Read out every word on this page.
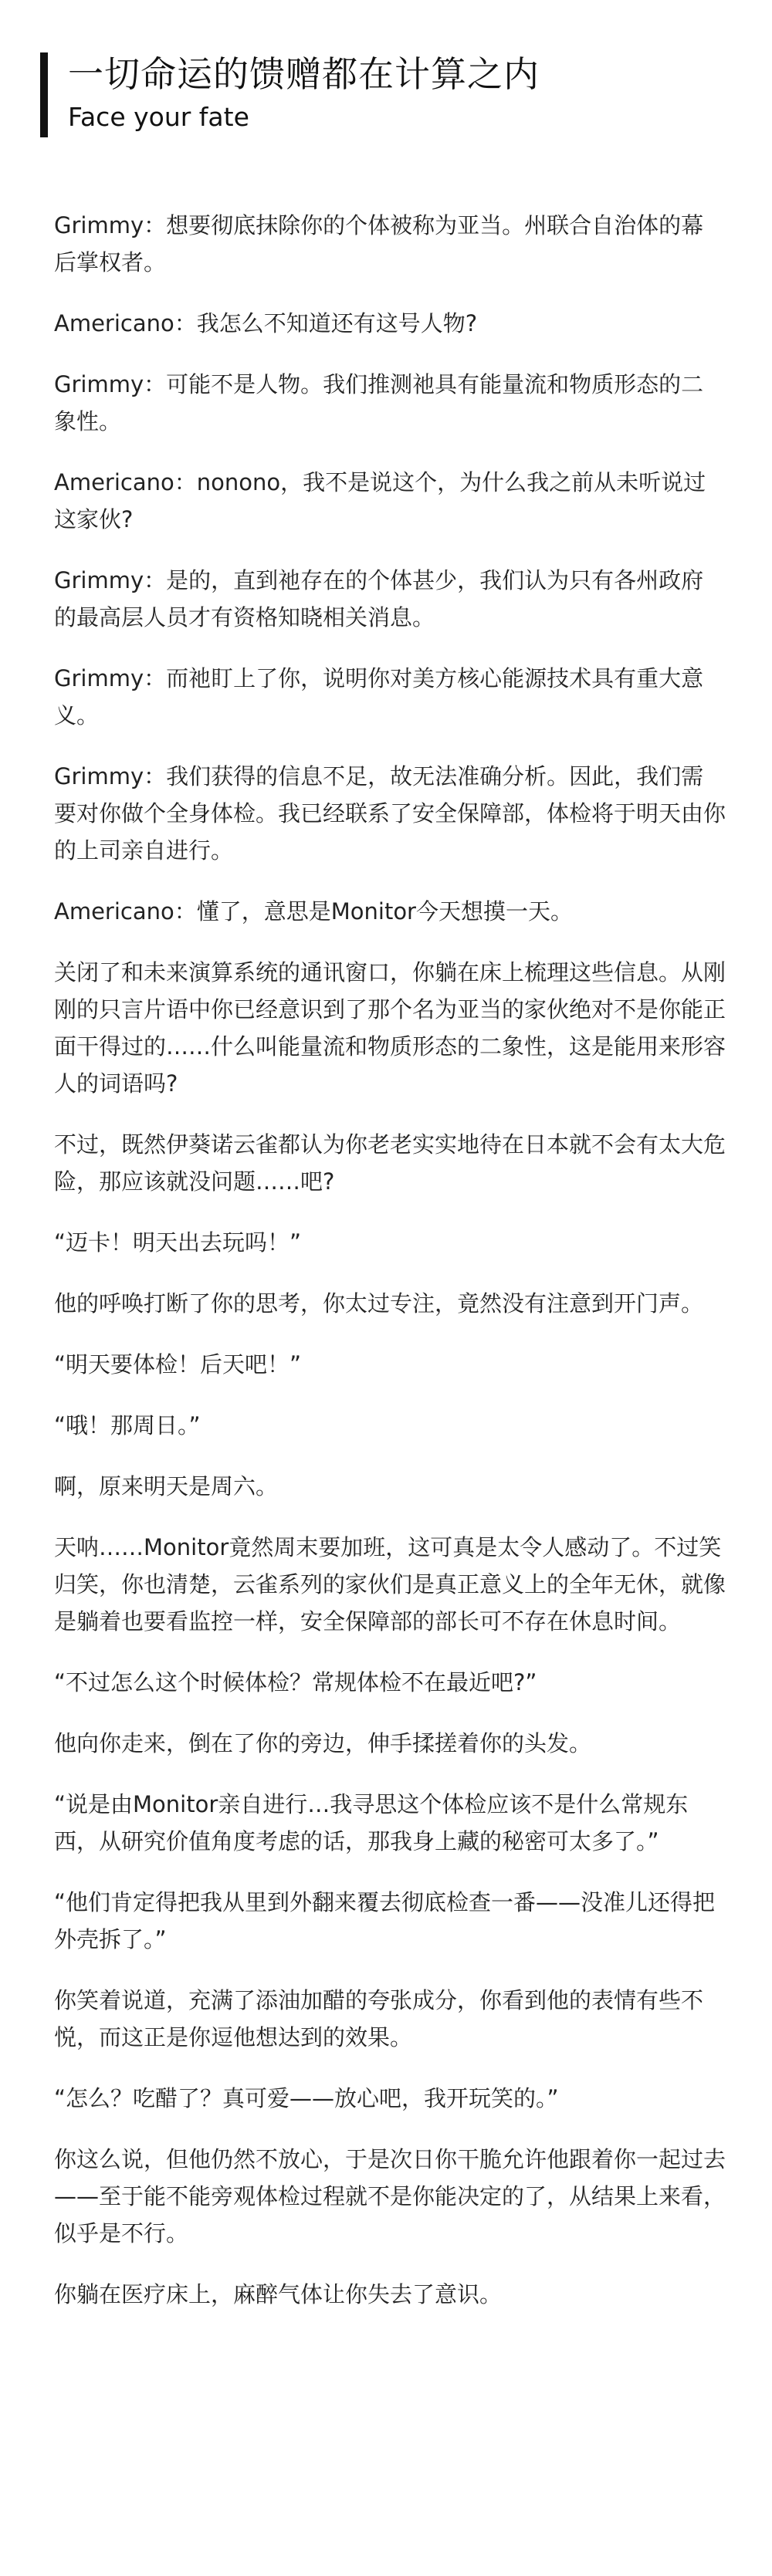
一切命运的馈赠都在计算之内
Face your fate

Grimmy：想要彻底抹除你的个体被称为亚当。州联合自治体的幕后掌权者。

Americano：我怎么不知道还有这号人物?

Grimmy：可能不是人物。我们推测祂具有能量流和物质形态的二象性。

Americano：nonono，我不是说这个，为什么我之前从未听说过这家伙?

Grimmy：是的，直到祂存在的个体甚少，我们认为只有各州政府的最高层人员才有资格知晓相关消息。

Grimmy：而祂盯上了你，说明你对美方核心能源技术具有重大意义。

Grimmy：我们获得的信息不足，故无法准确分析。因此，我们需要对你做个全身体检。我已经联系了安全保障部，体检将于明天由你的上司亲自进行。

Americano：懂了，意思是Monitor今天想摸一天。

关闭了和未来演算系统的通讯窗口，你躺在床上梳理这些信息。从刚刚的只言片语中你已经意识到了那个名为亚当的家伙绝对不是你能正面干得过的……什么叫能量流和物质形态的二象性，这是能用来形容人的词语吗?

不过，既然伊葵诺云雀都认为你老老实实地待在日本就不会有太大危险，那应该就没问题……吧?

“迈卡！明天出去玩吗！”

他的呼唤打断了你的思考，你太过专注，竟然没有注意到开门声。

“明天要体检！后天吧！”

“哦！那周日。”

啊，原来明天是周六。

天呐……Monitor竟然周末要加班，这可真是太令人感动了。不过笑归笑，你也清楚，云雀系列的家伙们是真正意义上的全年无休，就像是躺着也要看监控一样，安全保障部的部长可不存在休息时间。

“不过怎么这个时候体检？常规体检不在最近吧?”

他向你走来，倒在了你的旁边，伸手揉搓着你的头发。

“说是由Monitor亲自进行…我寻思这个体检应该不是什么常规东西，从研究价值角度考虑的话，那我身上藏的秘密可太多了。”

“他们肯定得把我从里到外翻来覆去彻底检查一番——没准儿还得把外壳拆了。”

你笑着说道，充满了添油加醋的夸张成分，你看到他的表情有些不悦，而这正是你逗他想达到的效果。

“怎么？吃醋了？真可爱——放心吧，我开玩笑的。”

你这么说，但他仍然不放心，于是次日你干脆允许他跟着你一起过去——至于能不能旁观体检过程就不是你能决定的了，从结果上来看，似乎是不行。

你躺在医疗床上，麻醉气体让你失去了意识。
